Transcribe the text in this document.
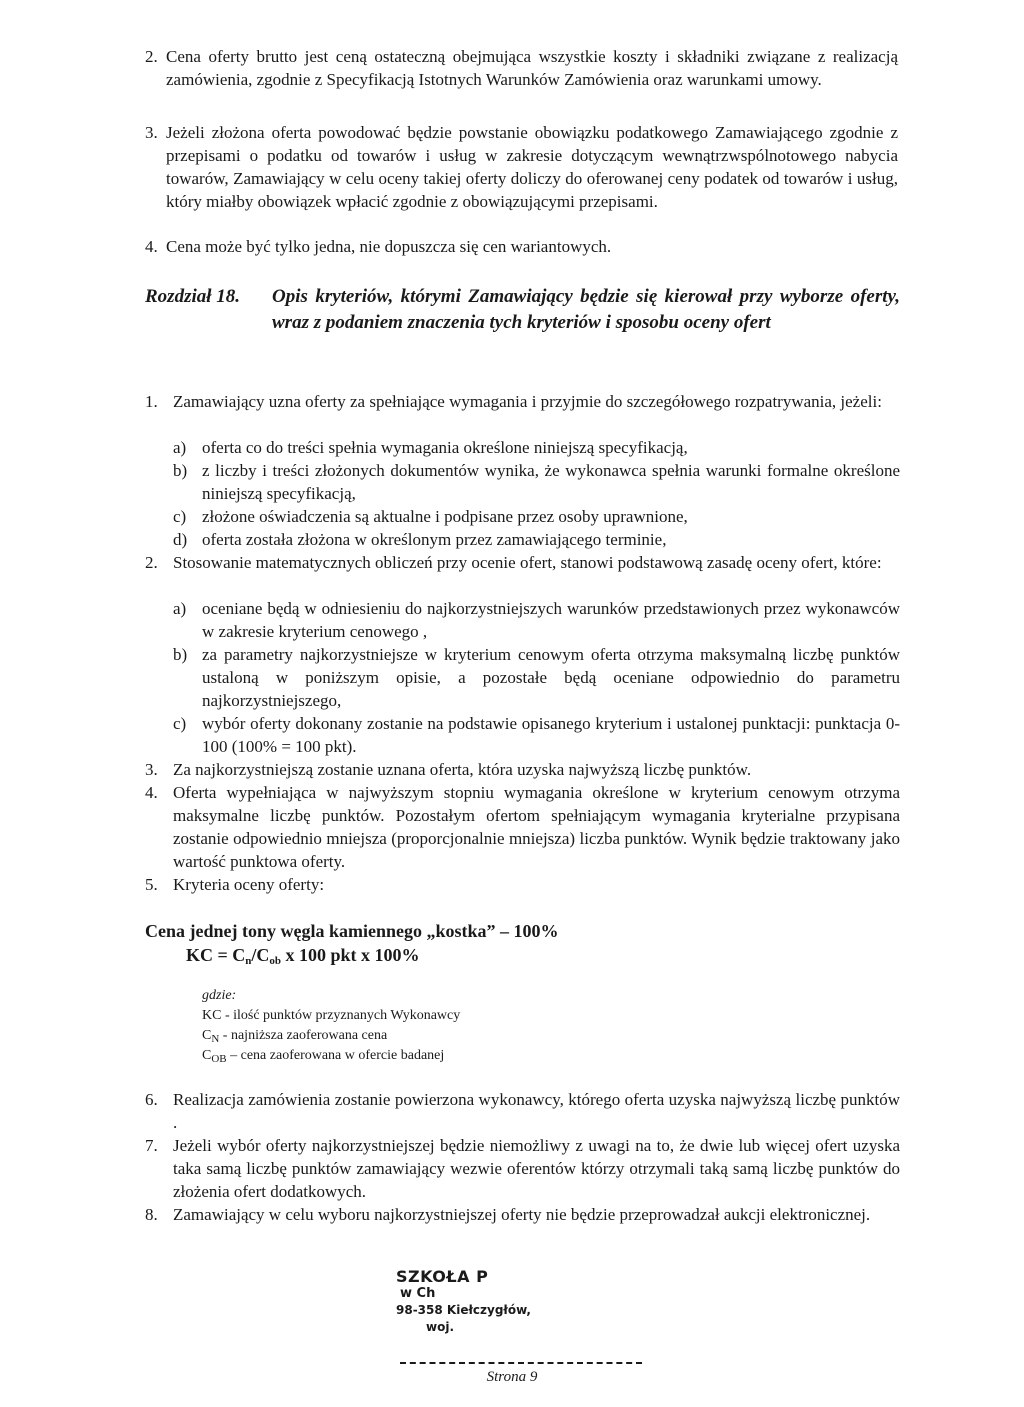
2. Cena oferty brutto jest ceną ostateczną obejmująca wszystkie koszty i składniki związane z realizacją zamówienia, zgodnie z Specyfikacją Istotnych Warunków Zamówienia oraz warunkami umowy.
3. Jeżeli złożona oferta powodować będzie powstanie obowiązku podatkowego Zamawiającego zgodnie z przepisami o podatku od towarów i usług w zakresie dotyczącym wewnątrzwspólnotowego nabycia towarów, Zamawiający w celu oceny takiej oferty doliczy do oferowanej ceny podatek od towarów i usług, który miałby obowiązek wpłacić zgodnie z obowiązującymi przepisami.
4. Cena może być tylko jedna, nie dopuszcza się cen wariantowych.
Rozdział 18. Opis kryteriów, którymi Zamawiający będzie się kierował przy wyborze oferty, wraz z podaniem znaczenia tych kryteriów i sposobu oceny ofert
1. Zamawiający uzna oferty za spełniające wymagania i przyjmie do szczegółowego rozpatrywania, jeżeli:
a) oferta co do treści spełnia wymagania określone niniejszą specyfikacją,
b) z liczby i treści złożonych dokumentów wynika, że wykonawca spełnia warunki formalne określone niniejszą specyfikacją,
c) złożone oświadczenia są aktualne i podpisane przez osoby uprawnione,
d) oferta została złożona w określonym przez zamawiającego terminie,
2. Stosowanie matematycznych obliczeń przy ocenie ofert, stanowi podstawową zasadę oceny ofert, które:
a) oceniane będą w odniesieniu do najkorzystniejszych warunków przedstawionych przez wykonawców w zakresie kryterium cenowego ,
b) za parametry najkorzystniejsze w kryterium cenowym oferta otrzyma maksymalną liczbę punktów ustaloną w poniższym opisie, a pozostałe będą oceniane odpowiednio do parametru najkorzystniejszego,
c) wybór oferty dokonany zostanie na podstawie opisanego kryterium i ustalonej punktacji: punktacja 0-100 (100% = 100 pkt).
3. Za najkorzystniejszą zostanie uznana oferta, która uzyska najwyższą liczbę punktów.
4. Oferta wypełniająca w najwyższym stopniu wymagania określone w kryterium cenowym otrzyma maksymalne liczbę punktów. Pozostałym ofertom spełniającym wymagania kryterialne przypisana zostanie odpowiednio mniejsza (proporcjonalnie mniejsza) liczba punktów. Wynik będzie traktowany jako wartość punktowa oferty.
5. Kryteria oceny oferty:
Cena jednej tony węgla kamiennego „kostka” – 100%
KC = $C_n/C_{ob}$ x 100 pkt x 100%
gdzie:
KC - ilość punktów przyznanych Wykonawcy
$C_N$ - najniższa zaoferowana cena
$C_{OB}$ – cena zaoferowana w ofercie badanej
6. Realizacja zamówienia zostanie powierzona wykonawcy, którego oferta uzyska najwyższą liczbę punktów .
7. Jeżeli wybór oferty najkorzystniejszej będzie niemożliwy z uwagi na to, że dwie lub więcej ofert uzyska taka samą liczbę punktów zamawiający wezwie oferentów którzy otrzymali taką samą liczbę punktów do złożenia ofert dodatkowych.
8. Zamawiający w celu wyboru najkorzystniejszej oferty nie będzie przeprowadzał aukcji elektronicznej.
SZKOŁA P
w Ch
98-358 Kiełczygłów,
woj.
Strona 9
